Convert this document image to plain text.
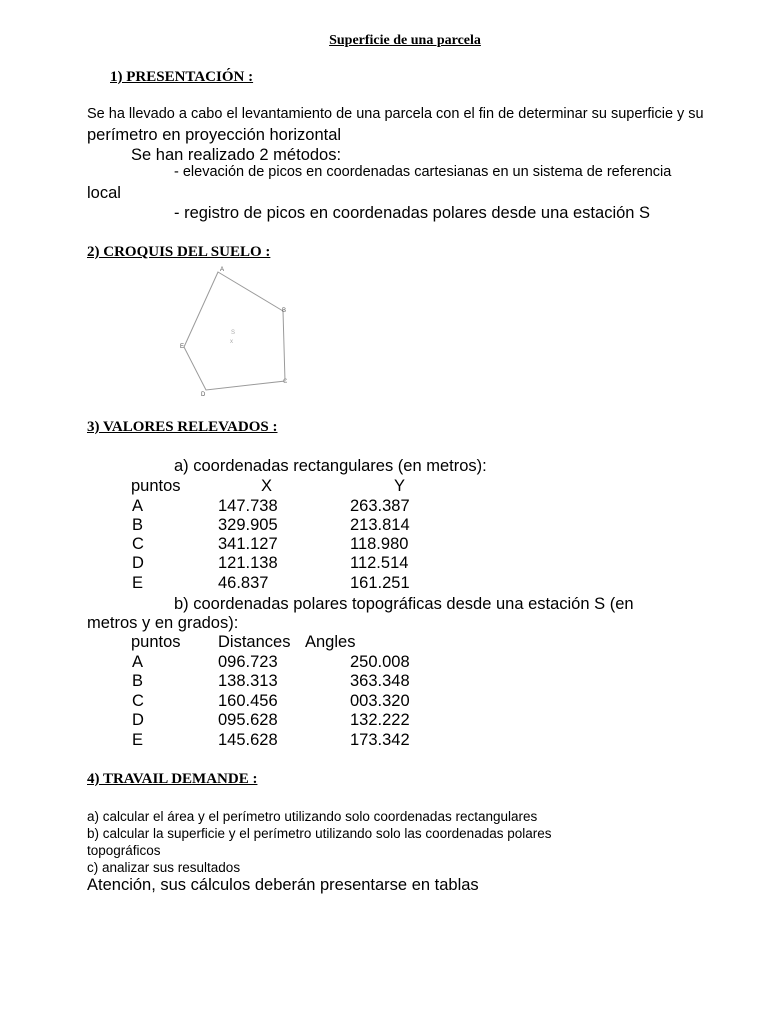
Superficie de una parcela
1) PRESENTACIÓN :
Se ha llevado a cabo el levantamiento de una parcela con el fin de determinar su superficie y su
perímetro en proyección horizontal
Se han realizado 2 métodos:
- elevación de picos en coordenadas cartesianas en un sistema de referencia
local
- registro de picos en coordenadas polares desde una estación S
2) CROQUIS DEL SUELO :
A
B
C
D
E
S
x
3) VALORES RELEVADOS :
a) coordenadas rectangulares (en metros):
puntos	X	Y
A	147.738	263.387
B	329.905	213.814
C	341.127	118.980
D	121.138	112.514
E	46.837	161.251
b) coordenadas polares topográficas desde una estación S (en
metros y en grados):
puntos Distances Angles
A	096.723	250.008
B	138.313	363.348
C	160.456	003.320
D	095.628	132.222
E	145.628	173.342
4) TRAVAIL DEMANDE :
a) calcular el área y el perímetro utilizando solo coordenadas rectangulares
b) calcular la superficie y el perímetro utilizando solo las coordenadas polares
topográficos
c) analizar sus resultados
Atención, sus cálculos deberán presentarse en tablas
